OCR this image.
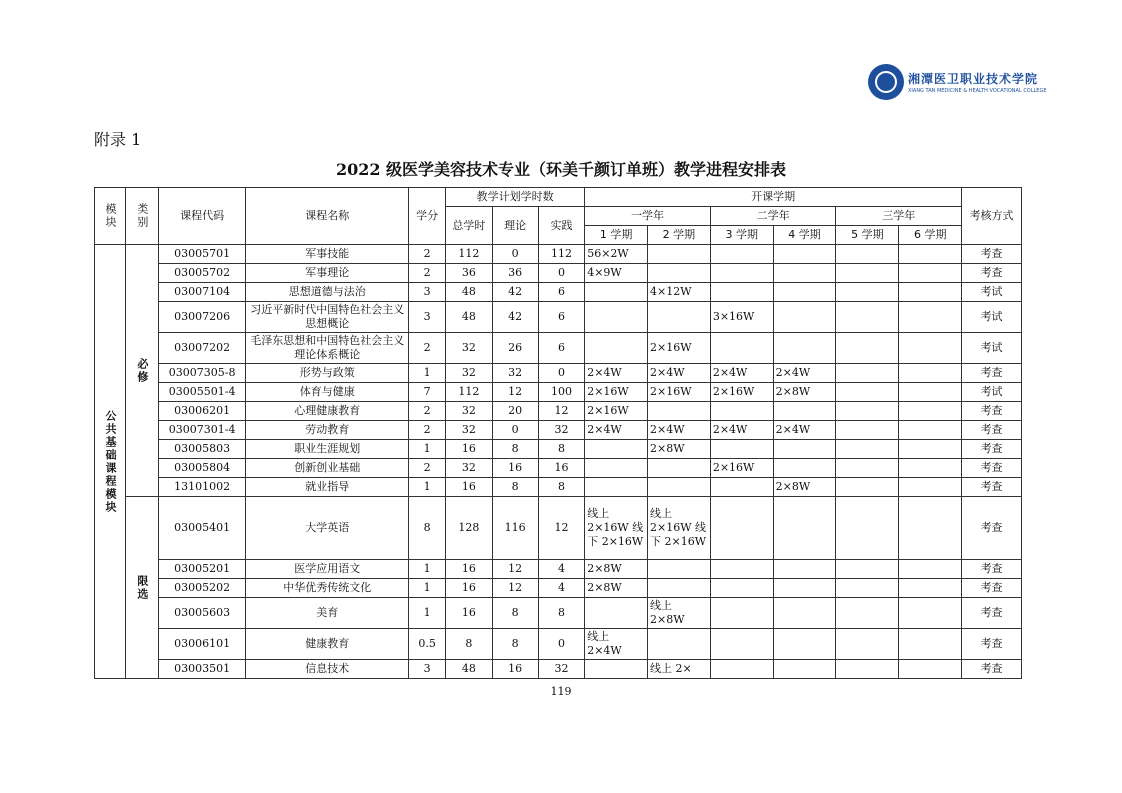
湘潭医卫职业技术学院
XIANG TAN MEDICINE & HEALTH VOCATIONAL COLLEGE
附录 1
2022 级医学美容技术专业（环美千颜订单班）教学进程安排表
模块	类别	课程代码	课程名称	学分	教学计划学时数			开课学期						考核方式
					总学时	理论	实践	一学年		二学年		三学年		
								1 学期	2 学期	3 学期	4 学期	5 学期	6 学期	

公共基础课程模块	必修	03005701	军事技能	2	112	0	112	56×2W						考查
		03005702	军事理论	2	36	36	0	4×9W						考查
		03007104	思想道德与法治	3	48	42	6		4×12W					考试
		03007206	习近平新时代中国特色社会主义思想概论	3	48	42	6			3×16W				考试
		03007202	毛泽东思想和中国特色社会主义理论体系概论	2	32	26	6		2×16W					考试
		03007305-8	形势与政策	1	32	32	0	2×4W	2×4W	2×4W	2×4W			考查
		03005501-4	体育与健康	7	112	12	100	2×16W	2×16W	2×16W	2×8W			考试
		03006201	心理健康教育	2	32	20	12	2×16W						考查
		03007301-4	劳动教育	2	32	0	32	2×4W	2×4W	2×4W	2×4W			考查
		03005803	职业生涯规划	1	16	8	8		2×8W					考查
		03005804	创新创业基础	2	32	16	16			2×16W				考查
		13101002	就业指导	1	16	8	8				2×8W			考查

	限选	03005401	大学英语	8	128	116	12	线上 2×16W 线下 2×16W	线上 2×16W 线下 2×16W					考查
		03005201	医学应用语文	1	16	12	4	2×8W						考查
		03005202	中华优秀传统文化	1	16	12	4	2×8W						考查
		03005603	美育	1	16	8	8		线上 2×8W					考查
		03006101	健康教育	0.5	8	8	0	线上 2×4W						考查
		03003501	信息技术	3	48	16	32		线上 2×					考查
119
